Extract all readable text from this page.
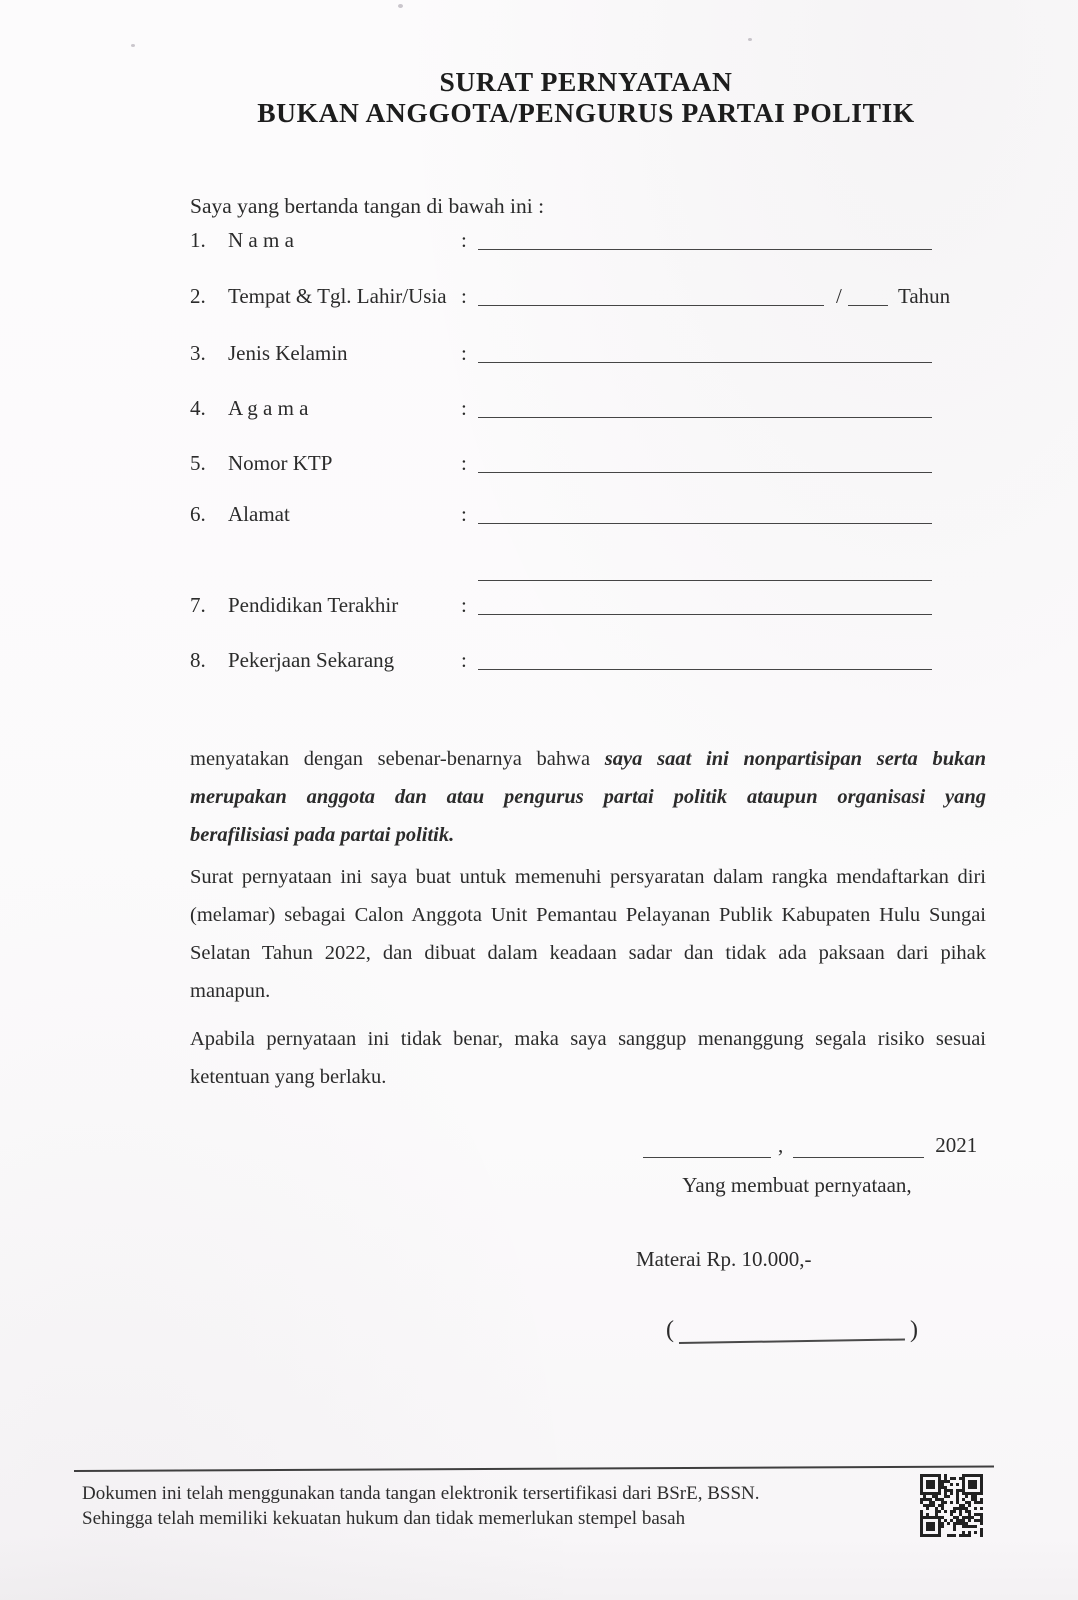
SURAT PERNYATAAN
BUKAN ANGGOTA/PENGURUS PARTAI POLITIK
Saya yang bertanda tangan di bawah ini :
1. N a m a	:
2. Tempat & Tgl. Lahir/Usia :	/	Tahun
3. Jenis Kelamin	:
4. A g a m a	:
5. Nomor KTP	:
6. Alamat	:
7. Pendidikan Terakhir	:
8. Pekerjaan Sekarang	:
menyatakan dengan sebenar-benarnya bahwa saya saat ini nonpartisipan serta bukan
merupakan anggota dan atau pengurus partai politik ataupun organisasi yang
berafilisiasi pada partai politik.
Surat pernyataan ini saya buat untuk memenuhi persyaratan dalam rangka mendaftarkan diri
(melamar) sebagai Calon Anggota Unit Pemantau Pelayanan Publik Kabupaten Hulu Sungai
Selatan Tahun 2022, dan dibuat dalam keadaan sadar dan tidak ada paksaan dari pihak
manapun.
Apabila pernyataan ini tidak benar, maka saya sanggup menanggung segala risiko sesuai
ketentuan yang berlaku.
,	2021
Yang membuat pernyataan,
Materai Rp. 10.000,-
(	)
Dokumen ini telah menggunakan tanda tangan elektronik tersertifikasi dari BSrE, BSSN.
Sehingga telah memiliki kekuatan hukum dan tidak memerlukan stempel basah
